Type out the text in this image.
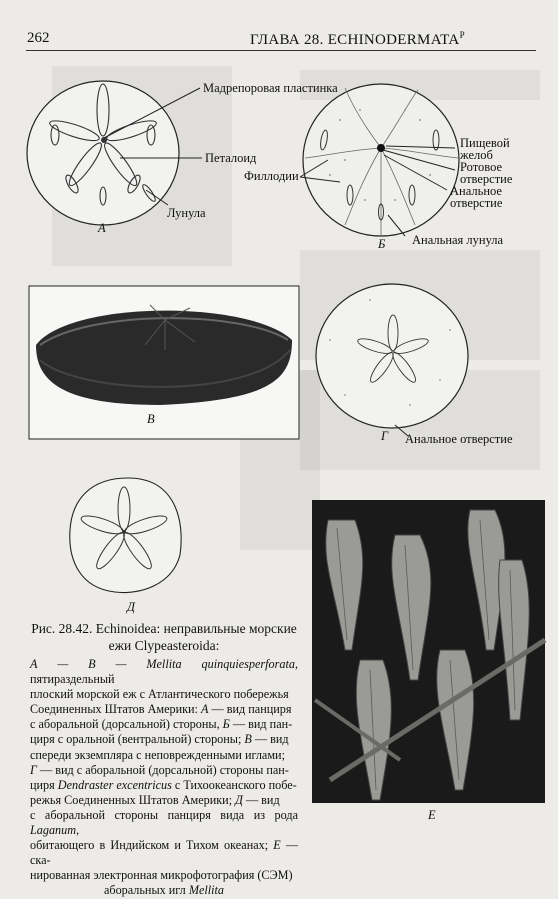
262	ГЛАВА 28. $ECHINODERMATA^P$
Мадрепоровая пластинка
Петалоид
Лунула
А
Пищевой
желоб
Ротовое
отверстие
Филлодии
Анальное
отверстие
Анальная лунула
Б
В
Г Анальное отверстие
Д
Е
Рис. 28.42. Echinoidea: неправильные морские
ежи Clypeasteroida:
А — В — Mellita quinquiesperforata, пятираздельный
плоский морской еж с Атлантического побережья
Соединенных Штатов Америки: А — вид панциря
с аборальной (дорсальной) стороны, Б — вид пан-
циря с оральной (вентральной) стороны; В — вид
спереди экземпляра с неповрежденными иглами;
Г — вид с аборальной (дорсальной) стороны пан-
циря Dendraster excentricus с Тихоокеанского побе-
режья Соединенных Штатов Америки; Д — вид
с аборальной стороны панциря вида из рода Laganum,
обитающего в Индийском и Тихом океанах; Е — ска-
нированная электронная микрофотография (СЭМ)
аборальных игл Mellita
